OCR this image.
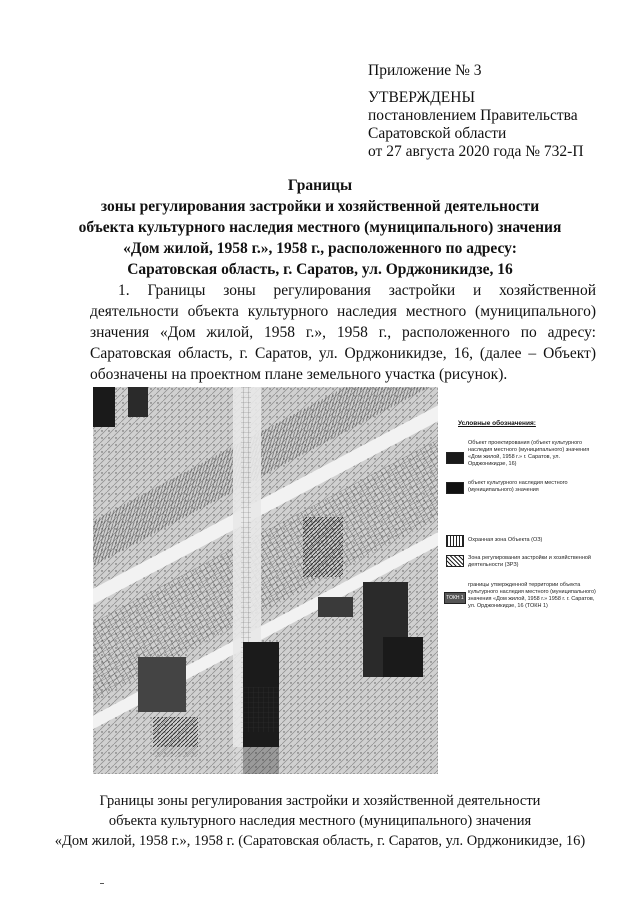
Приложение № 3
УТВЕРЖДЕНЫ
постановлением Правительства
Саратовской области
от 27 августа 2020 года № 732-П
Границы
зоны регулирования застройки и хозяйственной деятельности
объекта культурного наследия местного (муниципального) значения
«Дом жилой, 1958 г.», 1958 г., расположенного по адресу:
Саратовская область, г. Саратов, ул. Орджоникидзе, 16
1. Границы зоны регулирования застройки и хозяйственной
деятельности объекта культурного наследия местного (муниципального)
значения «Дом жилой, 1958 г.», 1958 г., расположенного по адресу:
Саратовская область, г. Саратов, ул. Орджоникидзе, 16, (далее – Объект)
обозначены на проектном плане земельного участка (рисунок).
Условные обозначения:
Объект проектирования (объект культурного наследия местного (муниципального) значения «Дом жилой, 1958 г.» г. Саратов, ул. Орджоникидзе, 16)
объект культурного наследия местного (муниципального) значения
Охранная зона Объекта (ОЗ)
Зона регулирования застройки и хозяйственной деятельности (ЗРЗ)
ТОКН 1
границы утвержденной территории объекта культурного наследия местного (муниципального) значения «Дом жилой, 1958 г.» 1958 г. г. Саратов, ул. Орджоникидзе, 16 (ТОКН 1)
Границы зоны регулирования застройки и хозяйственной деятельности
объекта культурного наследия местного (муниципального) значения
«Дом жилой, 1958 г.», 1958 г. (Саратовская область, г. Саратов, ул. Орджоникидзе, 16)
